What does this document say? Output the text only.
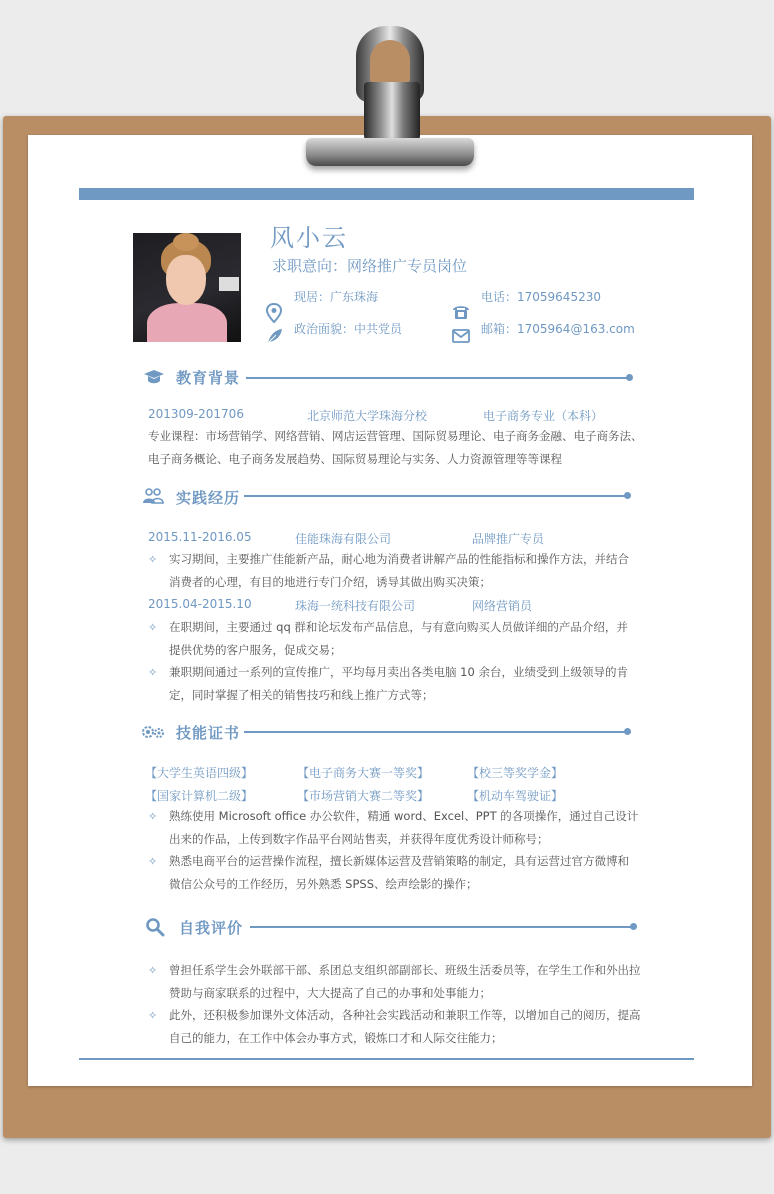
风小云
求职意向：网络推广专员岗位
现居：广东珠海
政治面貌：中共党员
电话：17059645230
邮箱：1705964@163.com
教育背景
201309-201706	北京师范大学珠海分校	电子商务专业（本科）
专业课程：市场营销学、网络营销、网店运营管理、国际贸易理论、电子商务金融、电子商务法、
电子商务概论、电子商务发展趋势、国际贸易理论与实务、人力资源管理等等课程
实践经历
2015.11-2016.05	佳能珠海有限公司	品牌推广专员
✧ 实习期间，主要推广佳能新产品，耐心地为消费者讲解产品的性能指标和操作方法，并结合
消费者的心理，有目的地进行专门介绍，诱导其做出购买决策；
2015.04-2015.10	珠海一统科技有限公司	网络营销员
✧ 在职期间，主要通过 qq 群和论坛发布产品信息，与有意向购买人员做详细的产品介绍，并
提供优势的客户服务，促成交易；
✧ 兼职期间通过一系列的宣传推广，平均每月卖出各类电脑 10 余台，业绩受到上级领导的肯
定，同时掌握了相关的销售技巧和线上推广方式等；
技能证书
【大学生英语四级】	【电子商务大赛一等奖】	【校三等奖学金】
【国家计算机二级】	【市场营销大赛二等奖】	【机动车驾驶证】
✧ 熟练使用 Microsoft office 办公软件，精通 word、Excel、PPT 的各项操作，通过自己设计
出来的作品，上传到数字作品平台网站售卖，并获得年度优秀设计师称号；
✧ 熟悉电商平台的运营操作流程，擅长新媒体运营及营销策略的制定，具有运营过官方微博和
微信公众号的工作经历，另外熟悉 SPSS、绘声绘影的操作；
自我评价
✧ 曾担任系学生会外联部干部、系团总支组织部副部长、班级生活委员等，在学生工作和外出拉
赞助与商家联系的过程中，大大提高了自己的办事和处事能力；
✧ 此外，还积极参加课外文体活动，各种社会实践活动和兼职工作等，以增加自己的阅历，提高
自己的能力，在工作中体会办事方式，锻炼口才和人际交往能力；
